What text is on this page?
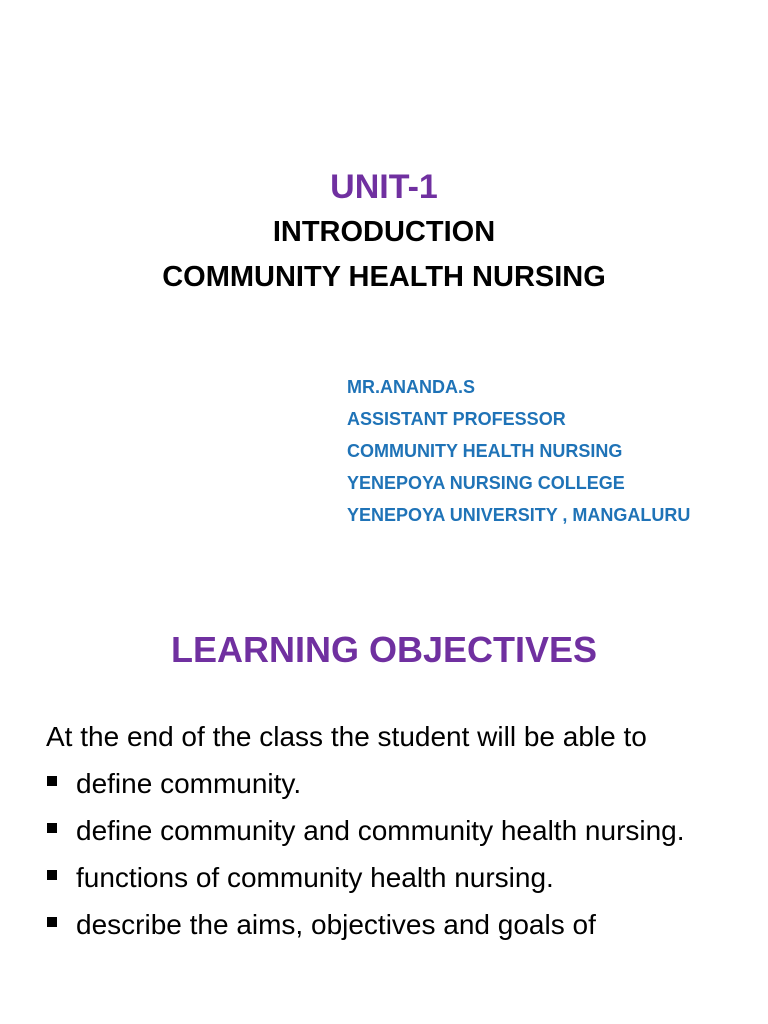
UNIT-1
INTRODUCTION
COMMUNITY HEALTH NURSING
MR.ANANDA.S
ASSISTANT PROFESSOR
COMMUNITY HEALTH NURSING
YENEPOYA NURSING COLLEGE
YENEPOYA UNIVERSITY , MANGALURU
LEARNING OBJECTIVES

At the end of the class the student will be able to

define community.
define community and community health nursing.
functions of community health nursing.
describe the aims, objectives and goals of
